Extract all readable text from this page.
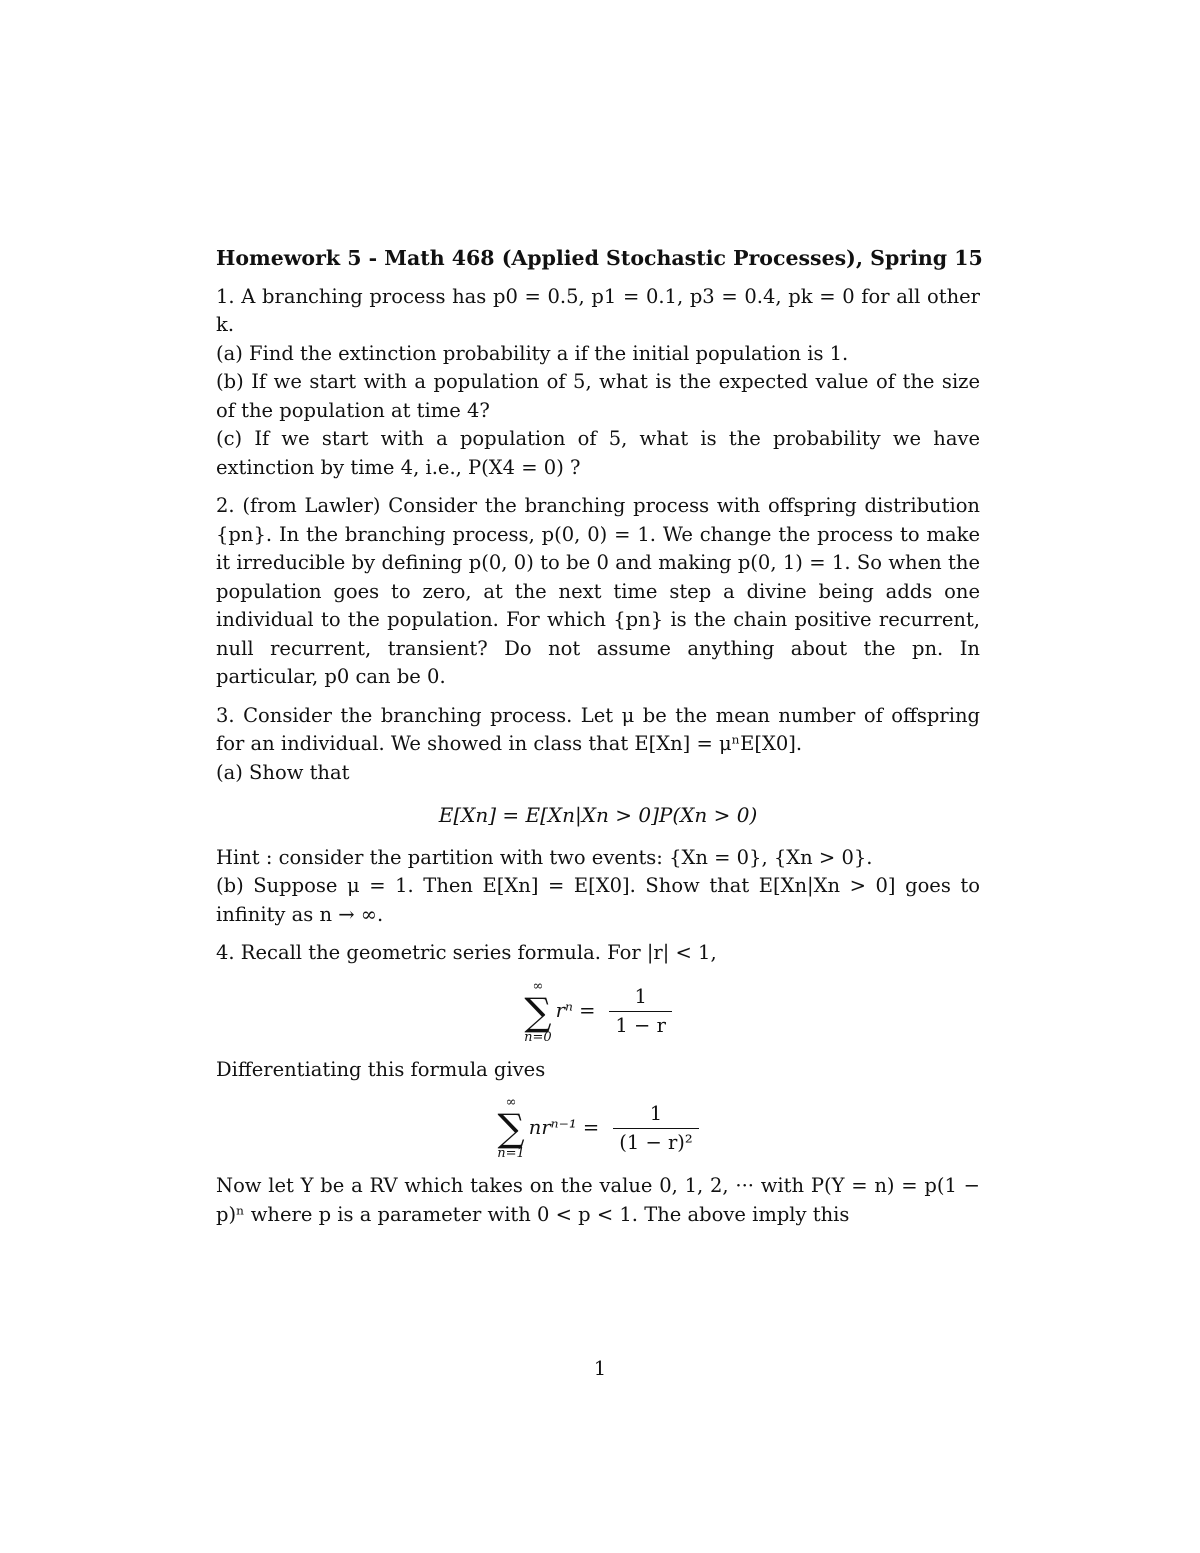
Homework 5 - Math 468 (Applied Stochastic Processes), Spring 15

1. A branching process has p0 = 0.5, p1 = 0.1, p3 = 0.4, pk = 0 for all other k.

(a) Find the extinction probability a if the initial population is 1.

(b) If we start with a population of 5, what is the expected value of the size of the population at time 4?

(c) If we start with a population of 5, what is the probability we have extinction by time 4, i.e., P(X4 = 0) ?

2. (from Lawler) Consider the branching process with offspring distribution {pn}. In the branching process, p(0, 0) = 1. We change the process to make it irreducible by defining p(0, 0) to be 0 and making p(0, 1) = 1. So when the population goes to zero, at the next time step a divine being adds one individual to the population. For which {pn} is the chain positive recurrent, null recurrent, transient? Do not assume anything about the pn. In particular, p0 can be 0.

3. Consider the branching process. Let μ be the mean number of offspring for an individual. We showed in class that E[Xn] = μⁿE[X0].

(a) Show that

E[Xn] = E[Xn|Xn > 0]P(Xn > 0)

Hint : consider the partition with two events: {Xn = 0}, {Xn > 0}.

(b) Suppose μ = 1. Then E[Xn] = E[X0]. Show that E[Xn|Xn > 0] goes to infinity as n → ∞.

4. Recall the geometric series formula. For |r| < 1,

∞
∑
n=0
$r^n = \frac{1}{1 - r}$

Differentiating this formula gives

∞
∑
n=1
$nr^{n-1} = \frac{1}{\text{(1 − r)²}}$

Now let Y be a RV which takes on the value 0, 1, 2, ··· with P(Y = n) = p(1 − p)ⁿ where p is a parameter with 0 < p < 1. The above imply this

1
